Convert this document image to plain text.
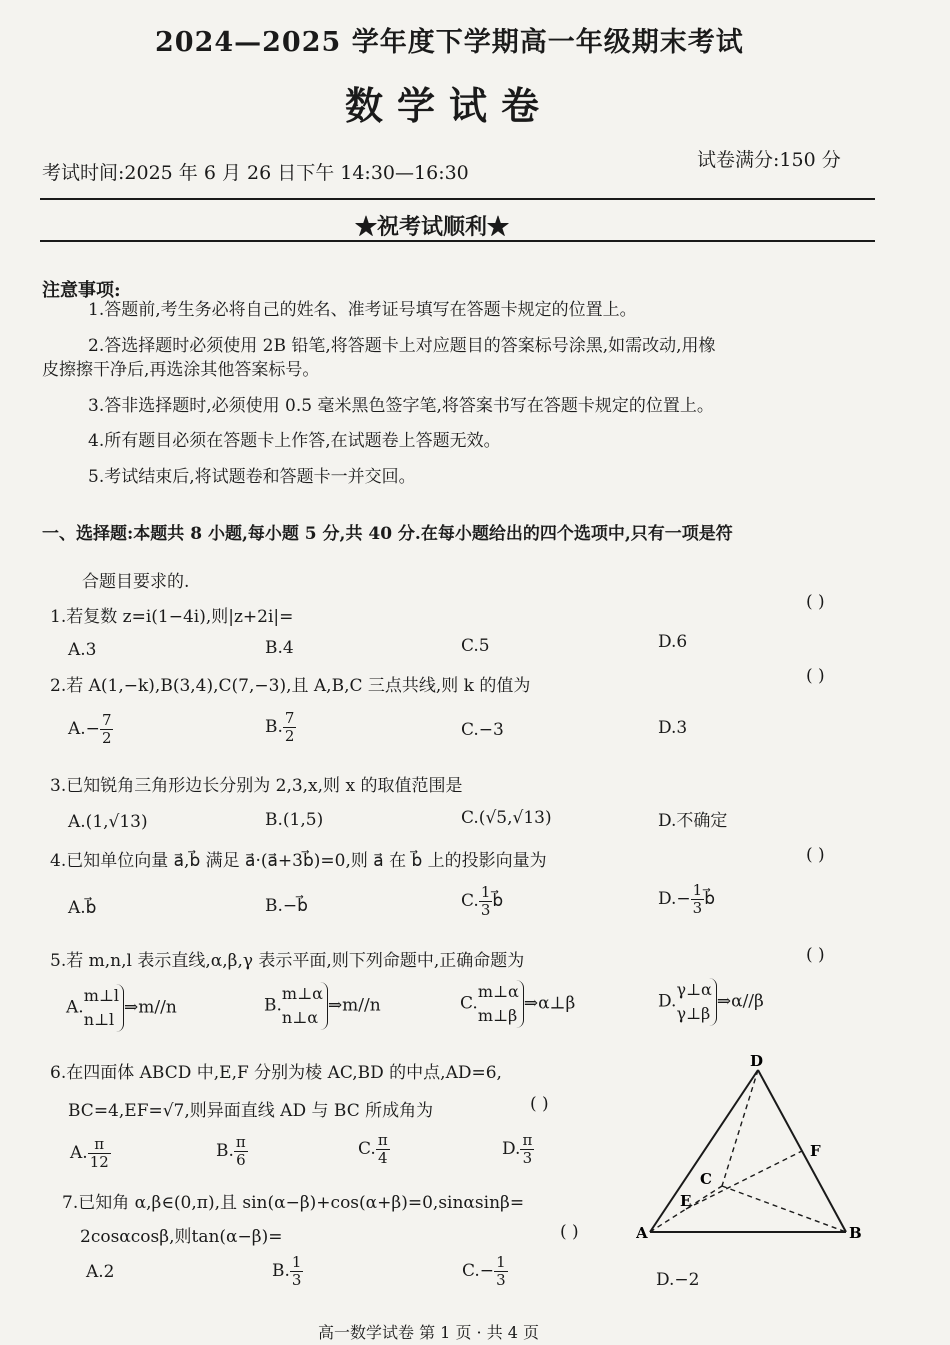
2024—2025 学年度下学期高一年级期末考试
数学试卷
考试时间:2025 年 6 月 26 日下午 14:30—16:30
试卷满分:150 分
★祝考试顺利★
注意事项:
1.答题前,考生务必将自己的姓名、准考证号填写在答题卡规定的位置上。
2.答选择题时必须使用 2B 铅笔,将答题卡上对应题目的答案标号涂黑,如需改动,用橡
皮擦擦干净后,再选涂其他答案标号。
3.答非选择题时,必须使用 0.5 毫米黑色签字笔,将答案书写在答题卡规定的位置上。
4.所有题目必须在答题卡上作答,在试题卷上答题无效。
5.考试结束后,将试题卷和答题卡一并交回。
一、选择题:本题共 8 小题,每小题 5 分,共 40 分.在每小题给出的四个选项中,只有一项是符
合题目要求的.
1.若复数 z=i(1−4i),则|z+2i|=
( )
A.3	B.4	C.5	D.6
2.若 A(1,−k),B(3,4),C(7,−3),且 A,B,C 三点共线,则 k 的值为	( )
$A.- \frac{7}{2}$	B. $\frac{7}{2}$	C.−3	D.3
3.已知锐角三角形边长分别为 2,3,x,则 x 的取值范围是
A.(1,√13)	B.(1,5)	C.(√5,√13)	D.不确定
4.已知单位向量 a⃗,b⃗ 满足 a⃗·(a⃗+3b⃗)=0,则 a⃗ 在 b⃗ 上的投影向量为	( )
A.b⃗	B.−b⃗	C. $\frac{1}{3}$ b⃗	$D.- \frac{1}{3}$ b⃗
5.若 m,n,l 表示直线,α,β,γ 表示平面,则下列命题中,正确命题为	( )
A.
m⊥l
n⊥l
⇒m//n	B.
m⊥α
n⊥α
⇒m//n	C.
m⊥α
m⊥β
⇒α⊥β	D.
γ⊥α
γ⊥β
⇒α//β
6.在四面体 ABCD 中,E,F 分别为棱 AC,BD 的中点,AD=6,
BC=4,EF=√7,则异面直线 AD 与 BC 所成角为	( )
A. $\frac{\pi}{12}$	B. $\frac{\pi}{6}$	C. $\frac{\pi}{4}$	D. $\frac{\pi}{3}$
7.已知角 α,β∈(0,π),且 sin(α−β)+cos(α+β)=0,sinαsinβ=
2cosαcosβ,则tan(α−β)=	( )
A.2	B. $\frac{1}{3}$	$C.- \frac{1}{3}$	D.−2
D
A	B
C
E
F
高一数学试卷 第 1 页 · 共 4 页
